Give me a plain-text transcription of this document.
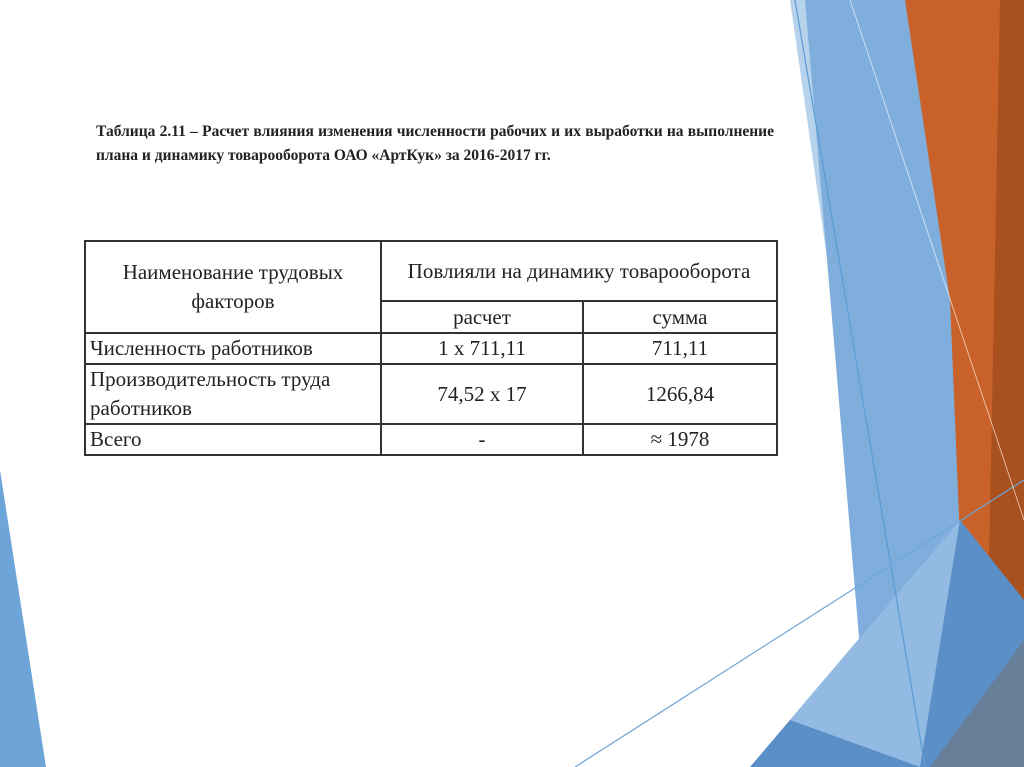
Таблица 2.11 – Расчет влияния изменения численности рабочих и их выработки на выполнение плана и динамику товарооборота ОАО «АртКук» за 2016-2017 гг.
Наименование трудовых факторов	Повлияли на динамику товарооборота	
	расчет	сумма
Численность работников	1 х 711,11	711,11
Производительность труда работников	74,52 х 17	1266,84
Всего	-	≈ 1978
